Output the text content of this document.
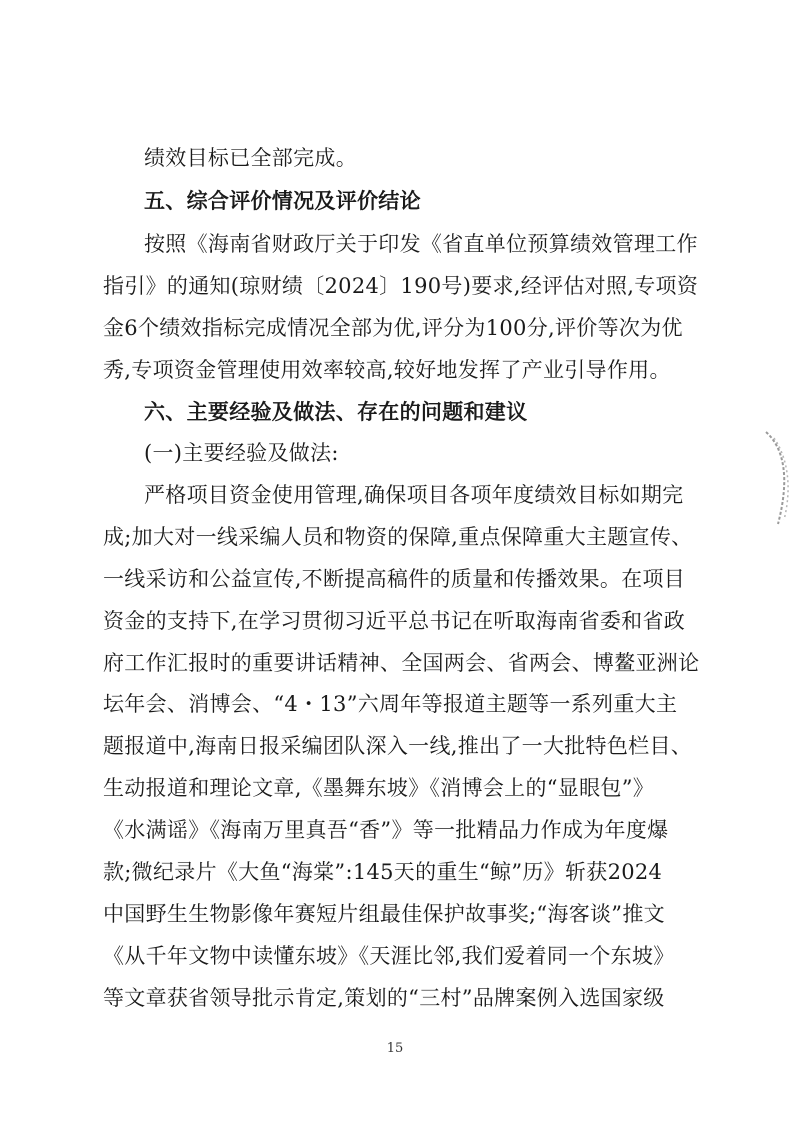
绩效目标已全部完成。
五、综合评价情况及评价结论
按照《海南省财政厅关于印发《省直单位预算绩效管理工作
指引》的通知(琼财绩〔2024〕190号)要求,经评估对照,专项资
金6个绩效指标完成情况全部为优,评分为100分,评价等次为优
秀,专项资金管理使用效率较高,较好地发挥了产业引导作用。
六、主要经验及做法、存在的问题和建议
(一)主要经验及做法:
严格项目资金使用管理,确保项目各项年度绩效目标如期完
成;加大对一线采编人员和物资的保障,重点保障重大主题宣传、
一线采访和公益宣传,不断提高稿件的质量和传播效果。在项目
资金的支持下,在学习贯彻习近平总书记在听取海南省委和省政
府工作汇报时的重要讲话精神、全国两会、省两会、博鳌亚洲论
坛年会、消博会、“4・13”六周年等报道主题等一系列重大主
题报道中,海南日报采编团队深入一线,推出了一大批特色栏目、
生动报道和理论文章,《墨舞东坡》《消博会上的“显眼包”》
《水满谣》《海南万里真吾“香”》等一批精品力作成为年度爆
款;微纪录片《大鱼“海棠”:145天的重生“鲸”历》斩获2024
中国野生生物影像年赛短片组最佳保护故事奖;“海客谈”推文
《从千年文物中读懂东坡》《天涯比邻,我们爱着同一个东坡》
等文章获省领导批示肯定,策划的“三村”品牌案例入选国家级
15
